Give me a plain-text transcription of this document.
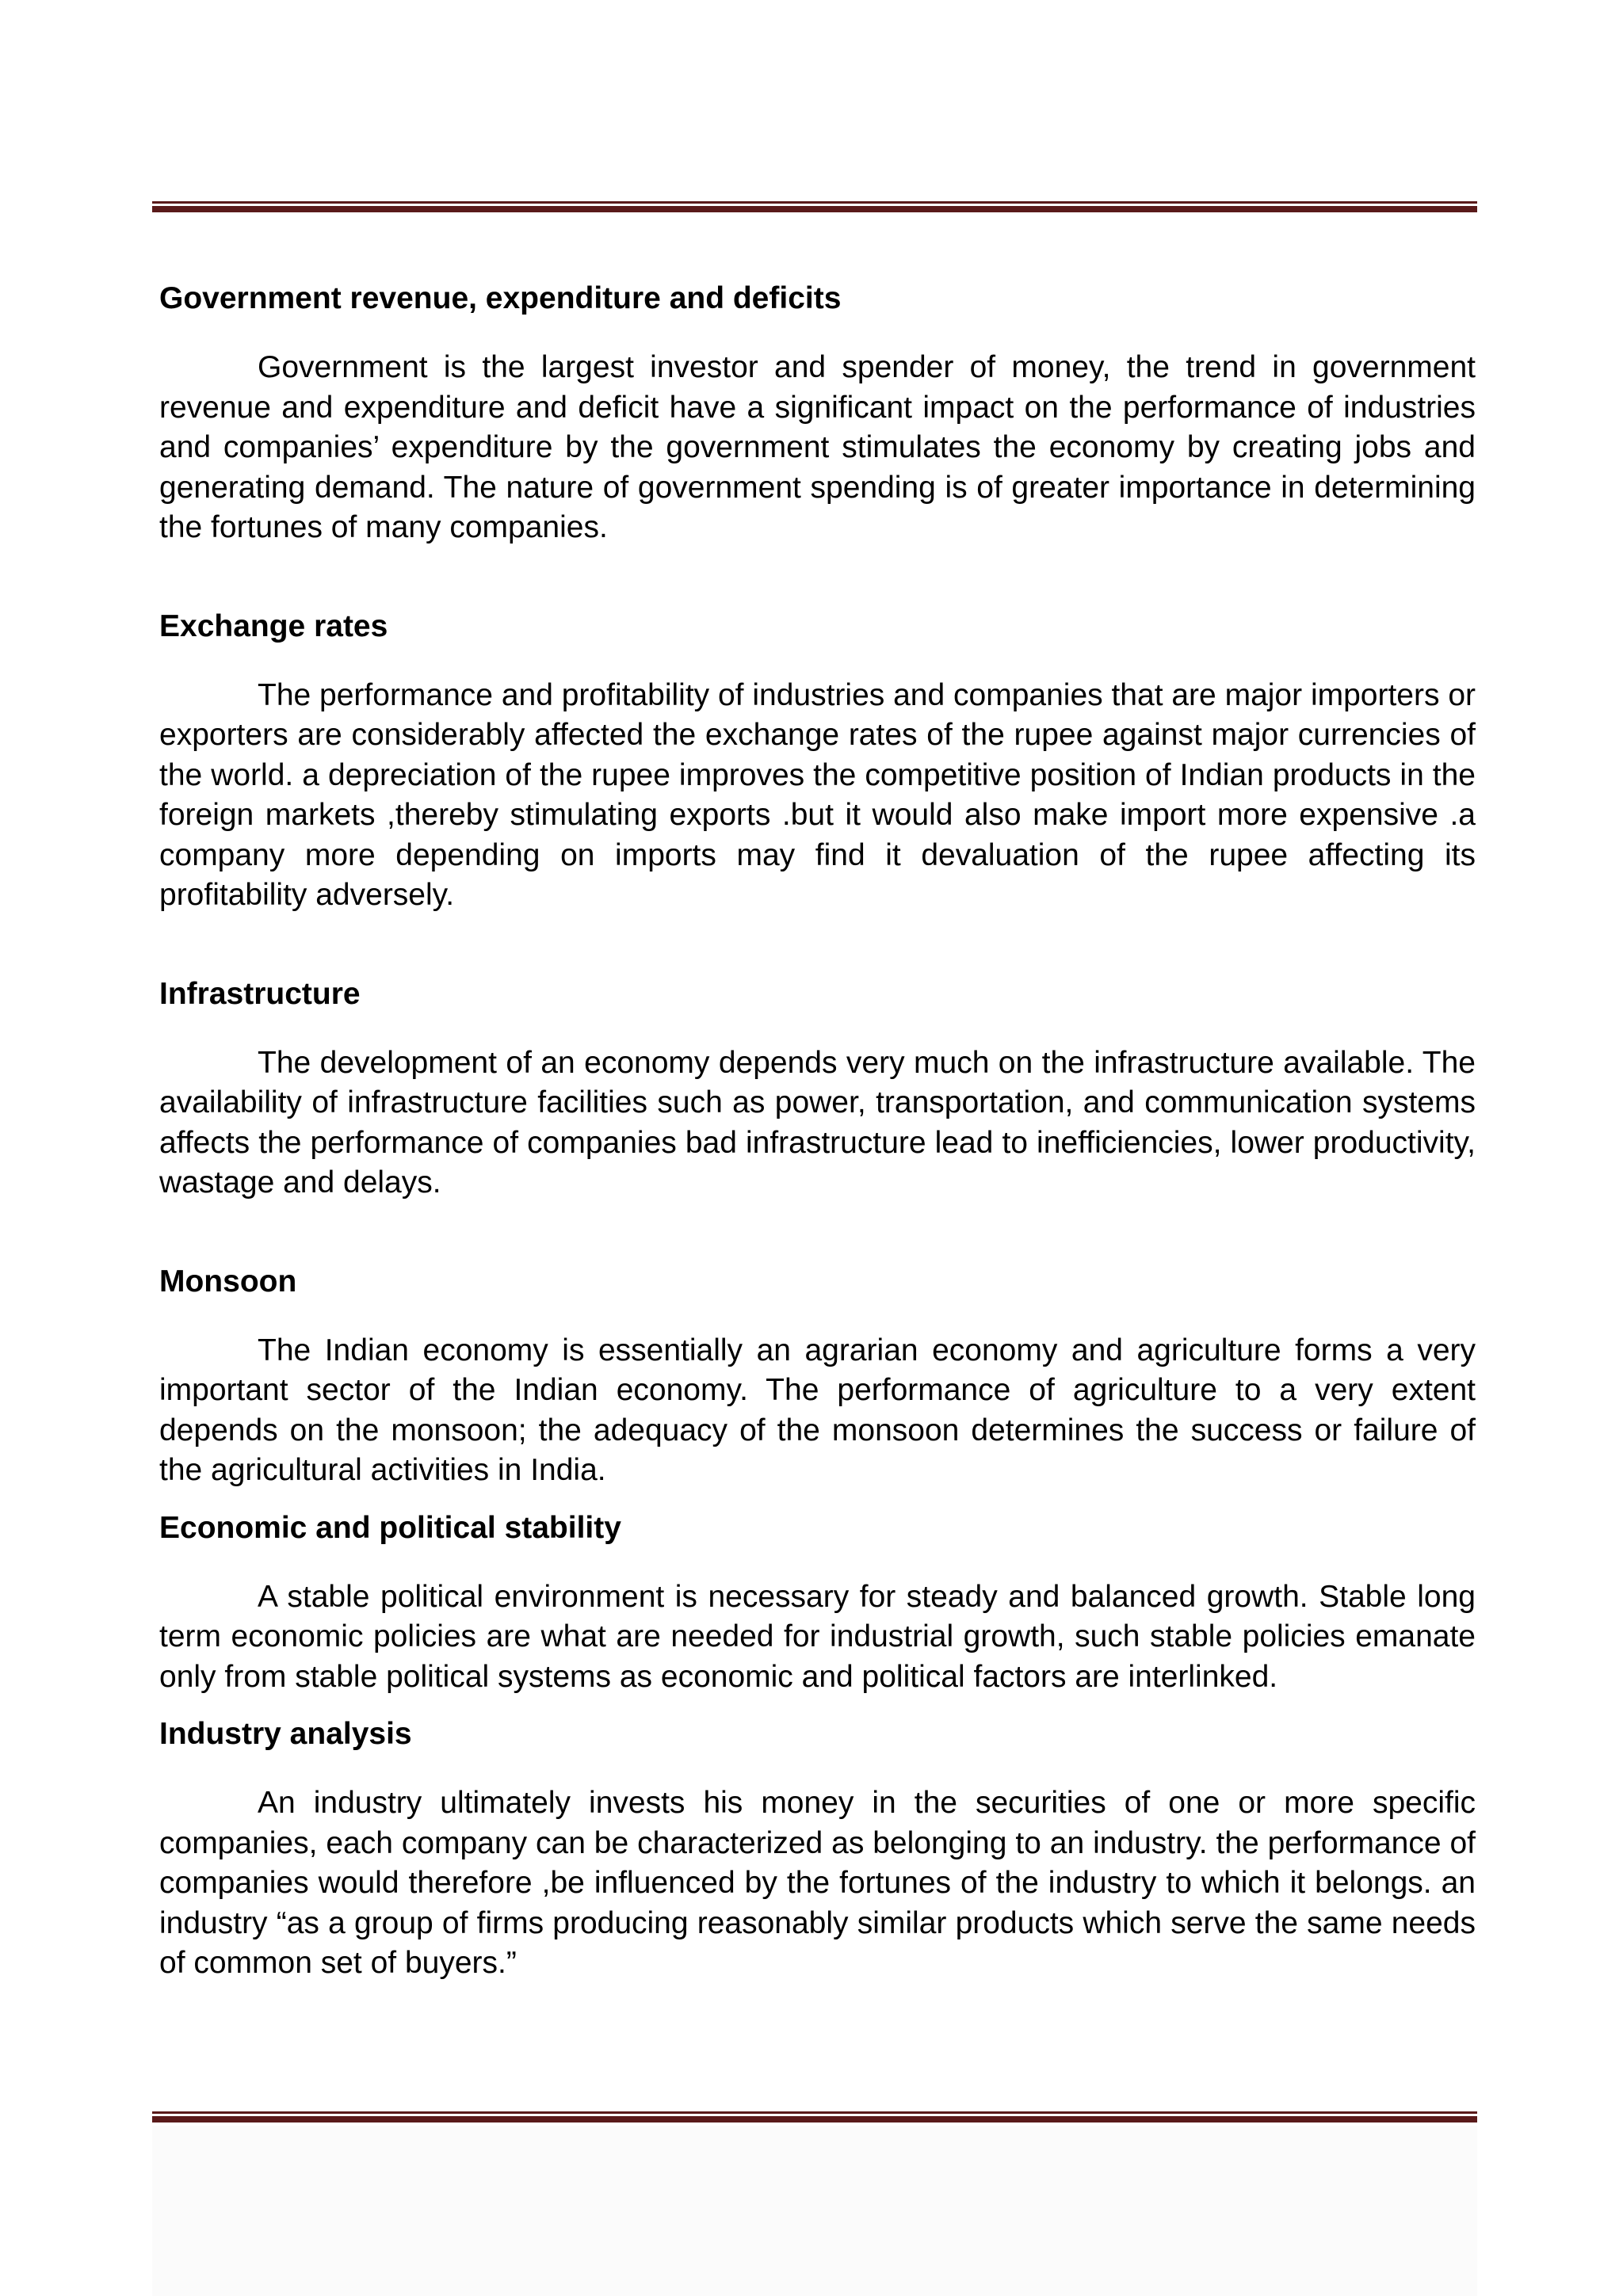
Government revenue, expenditure and deficits

Government is the largest investor and spender of money, the trend in government revenue and expenditure and deficit have a significant impact on the performance of industries and companies’ expenditure by the government stimulates the economy by creating jobs and generating demand. The nature of government spending is of greater importance in determining the fortunes of many companies.

Exchange rates

The performance and profitability of industries and companies that are major importers or exporters are considerably affected the exchange rates of the rupee against major currencies of the world. a depreciation of the rupee improves the competitive position of Indian products in the foreign markets ,thereby stimulating exports .but it would also make import more expensive .a company more depending on imports may find it devaluation of the rupee affecting its profitability adversely.

Infrastructure

The development of an economy depends very much on the infrastructure available. The availability of infrastructure facilities such as power, transportation, and communication systems affects the performance of companies bad infrastructure lead to inefficiencies, lower productivity, wastage and delays.

Monsoon

The Indian economy is essentially an agrarian economy and agriculture forms a very important sector of the Indian economy. The performance of agriculture to a very extent depends on the monsoon; the adequacy of the monsoon determines the success or failure of the agricultural activities in India.

Economic and political stability

A stable political environment is necessary for steady and balanced growth. Stable long term economic policies are what are needed for industrial growth, such stable policies emanate only from stable political systems as economic and political factors are interlinked.

Industry analysis

An industry ultimately invests his money in the securities of one or more specific companies, each company can be characterized as belonging to an industry. the performance of companies would therefore ,be influenced by the fortunes of the industry to which it belongs. an industry “as a group of firms producing reasonably similar products which serve the same needs of common set of buyers.”
